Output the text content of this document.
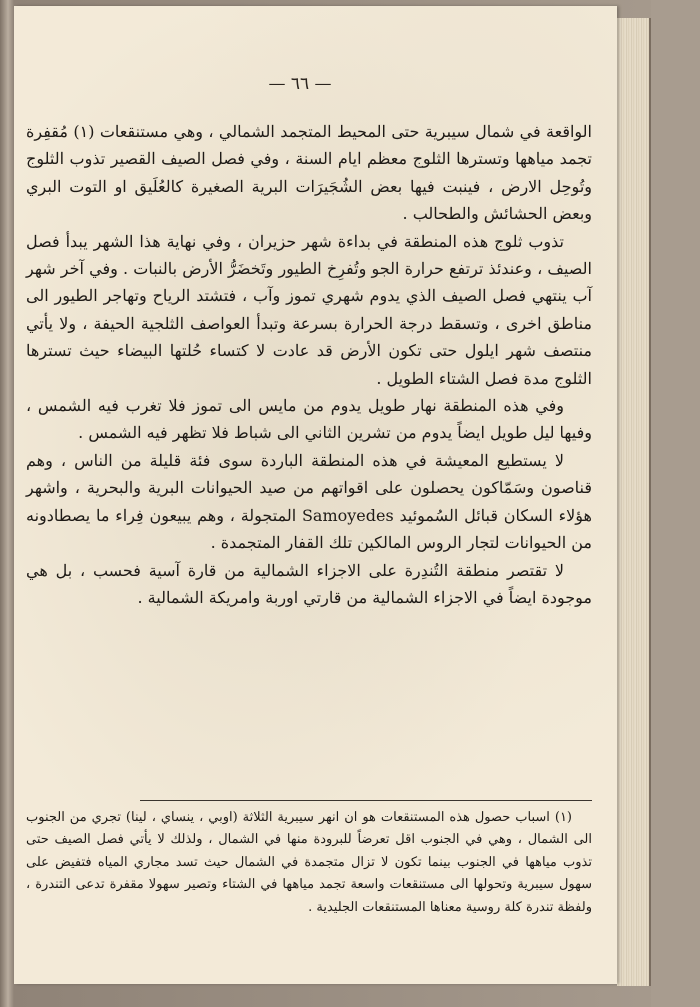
— ٦٦ —

الواقعة في شمال سيبرية حتى المحيط المتجمد الشمالي ، وهي مستنقعات (١) مُقفِرة تجمد مياهها وتسترها الثلوج معظم ايام السنة ، وفي فصل الصيف القصير تذوب الثلوج وتُوحِل الارض ، فينبت فيها بعض الشُجَيرَات البرية الصغيرة كالعُلَيق او التوت البري وبعض الحشائش والطحالب .

تذوب ثلوج هذه المنطقة في بداءة شهر حزيران ، وفي نهاية هذا الشهر يبدأ فصل الصيف ، وعندئذ ترتفع حرارة الجو وتُفرِخ الطيور وتَخضَرُّ الأرض بالنبات . وفي آخر شهر آب ينتهي فصل الصيف الذي يدوم شهري تموز وآب ، فتشتد الرياح وتهاجر الطيور الى مناطق اخرى ، وتسقط درجة الحرارة بسرعة وتبدأ العواصف الثلجية الحيفة ، ولا يأتي منتصف شهر ايلول حتى تكون الأرض قد عادت لا كتساء حُلتها البيضاء حيث تسترها الثلوج مدة فصل الشتاء الطويل .

وفي هذه المنطقة نهار طويل يدوم من مايس الى تموز فلا تغرب فيه الشمس ، وفيها ليل طويل ايضاً يدوم من تشرين الثاني الى شباط فلا تظهر فيه الشمس .

لا يستطيع المعيشة في هذه المنطقة الباردة سوى فئة قليلة من الناس ، وهم قناصون وسَمّاكون يحصلون على اقواتهم من صيد الحيوانات البرية والبحرية ، واشهر هؤلاء السكان قبائل السُموئيد Samoyedes المتجولة ، وهم يبيعون فِراء ما يصطادونه من الحيوانات لتجار الروس المالكين تلك القفار المتجمدة .

لا تقتصر منطقة التُندِرة على الاجزاء الشمالية من قارة آسية فحسب ، بل هي موجودة ايضاً في الاجزاء الشمالية من قارتي اوربة وامريكة الشمالية .

(١) اسباب حصول هذه المستنقعات هو ان انهر سيبرية الثلاثة (اوبي ، ينساي ، لينا) تجري من الجنوب الى الشمال ، وهي في الجنوب اقل تعرضاً للبرودة منها في الشمال ، ولذلك لا يأتي فصل الصيف حتى تذوب مياهها في الجنوب بينما تكون لا تزال متجمدة في الشمال حيث تسد مجاري المياه فتفيض على سهول سيبرية وتحولها الى مستنقعات واسعة تجمد مياهها في الشتاء وتصير سهولا مقفرة تدعى التندرة ، ولفظة تندرة كلة روسية معناها المستنقعات الجليدية .
